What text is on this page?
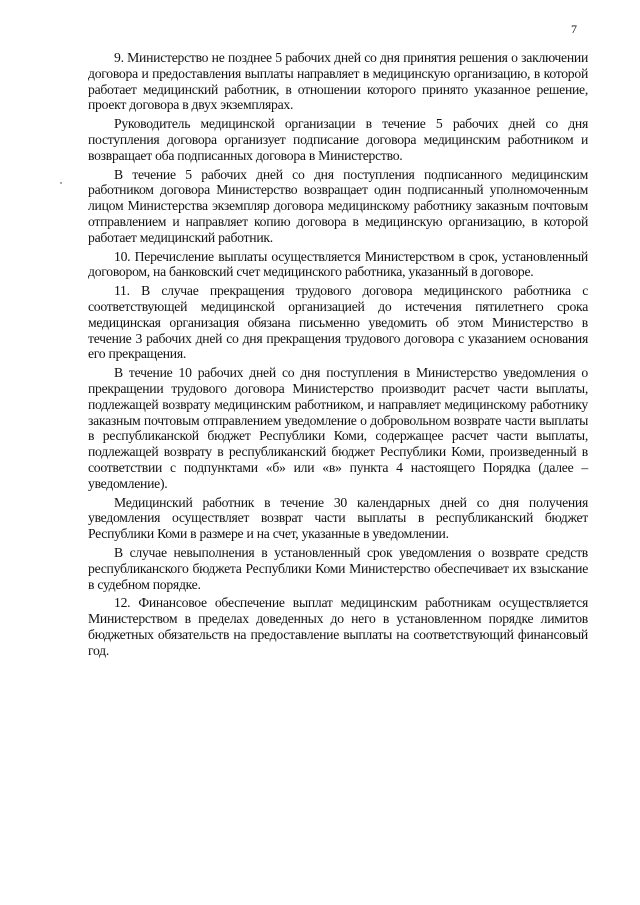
7

9. Министерство не позднее 5 рабочих дней со дня принятия решения о заключении договора и предоставления выплаты направляет в медицинскую организацию, в которой работает медицинский работник, в отношении которого принято указанное решение, проект договора в двух экземплярах.

Руководитель медицинской организации в течение 5 рабочих дней со дня поступления договора организует подписание договора медицинским работником и возвращает оба подписанных договора в Министерство.

В течение 5 рабочих дней со дня поступления подписанного медицинским работником договора Министерство возвращает один подписанный уполномоченным лицом Министерства экземпляр договора медицинскому работнику заказным почтовым отправлением и направляет копию договора в медицинскую организацию, в которой работает медицинский работник.

10. Перечисление выплаты осуществляется Министерством в срок, установленный договором, на банковский счет медицинского работника, указанный в договоре.

11. В случае прекращения трудового договора медицинского работника с соответствующей медицинской организацией до истечения пятилетнего срока медицинская организация обязана письменно уведомить об этом Министерство в течение 3 рабочих дней со дня прекращения трудового договора с указанием основания его прекращения.

В течение 10 рабочих дней со дня поступления в Министерство уведомления о прекращении трудового договора Министерство производит расчет части выплаты, подлежащей возврату медицинским работником, и направляет медицинскому работнику заказным почтовым отправлением уведомление о добровольном возврате части выплаты в республиканской бюджет Республики Коми, содержащее расчет части выплаты, подлежащей возврату в республиканский бюджет Республики Коми, произведенный в соответствии с подпунктами «б» или «в» пункта 4 настоящего Порядка (далее – уведомление).

Медицинский работник в течение 30 календарных дней со дня получения уведомления осуществляет возврат части выплаты в республиканский бюджет Республики Коми в размере и на счет, указанные в уведомлении.

В случае невыполнения в установленный срок уведомления о возврате средств республиканского бюджета Республики Коми Министерство обеспечивает их взыскание в судебном порядке.

12. Финансовое обеспечение выплат медицинским работникам осуществляется Министерством в пределах доведенных до него в установленном порядке лимитов бюджетных обязательств на предоставление выплаты на соответствующий финансовый год.
